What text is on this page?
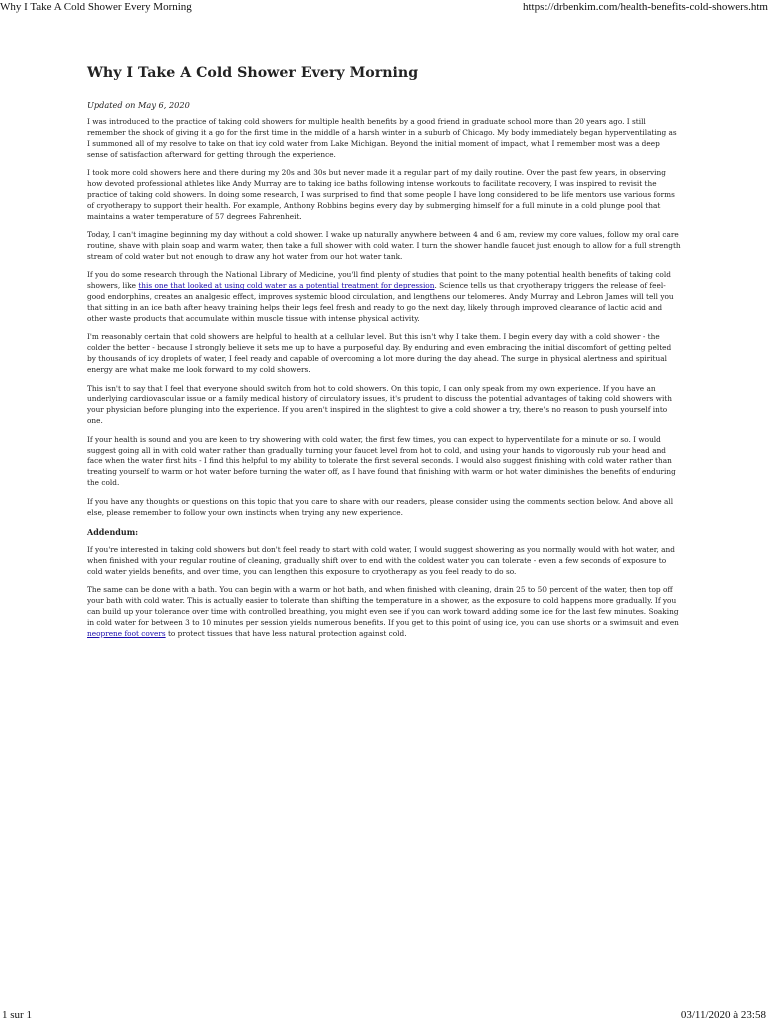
Why I Take A Cold Shower Every Morning	https://drbenkim.com/health-benefits-cold-showers.htm
Why I Take A Cold Shower Every Morning
Updated on May 6, 2020

I was introduced to the practice of taking cold showers for multiple health benefits by a good friend in graduate school more than 20 years ago. I still remember the shock of giving it a go for the first time in the middle of a harsh winter in a suburb of Chicago. My body immediately began hyperventilating as I summoned all of my resolve to take on that icy cold water from Lake Michigan. Beyond the initial moment of impact, what I remember most was a deep sense of satisfaction afterward for getting through the experience.

I took more cold showers here and there during my 20s and 30s but never made it a regular part of my daily routine. Over the past few years, in observing how devoted professional athletes like Andy Murray are to taking ice baths following intense workouts to facilitate recovery, I was inspired to revisit the practice of taking cold showers. In doing some research, I was surprised to find that some people I have long considered to be life mentors use various forms of cryotherapy to support their health. For example, Anthony Robbins begins every day by submerging himself for a full minute in a cold plunge pool that maintains a water temperature of 57 degrees Fahrenheit.

Today, I can't imagine beginning my day without a cold shower. I wake up naturally anywhere between 4 and 6 am, review my core values, follow my oral care routine, shave with plain soap and warm water, then take a full shower with cold water. I turn the shower handle faucet just enough to allow for a full strength stream of cold water but not enough to draw any hot water from our hot water tank.

If you do some research through the National Library of Medicine, you'll find plenty of studies that point to the many potential health benefits of taking cold showers, like this one that looked at using cold water as a potential treatment for depression. Science tells us that cryotherapy triggers the release of feel-good endorphins, creates an analgesic effect, improves systemic blood circulation, and lengthens our telomeres. Andy Murray and Lebron James will tell you that sitting in an ice bath after heavy training helps their legs feel fresh and ready to go the next day, likely through improved clearance of lactic acid and other waste products that accumulate within muscle tissue with intense physical activity.

I'm reasonably certain that cold showers are helpful to health at a cellular level. But this isn't why I take them. I begin every day with a cold shower - the colder the better - because I strongly believe it sets me up to have a purposeful day. By enduring and even embracing the initial discomfort of getting pelted by thousands of icy droplets of water, I feel ready and capable of overcoming a lot more during the day ahead. The surge in physical alertness and spiritual energy are what make me look forward to my cold showers.

This isn't to say that I feel that everyone should switch from hot to cold showers. On this topic, I can only speak from my own experience. If you have an underlying cardiovascular issue or a family medical history of circulatory issues, it's prudent to discuss the potential advantages of taking cold showers with your physician before plunging into the experience. If you aren't inspired in the slightest to give a cold shower a try, there's no reason to push yourself into one.

If your health is sound and you are keen to try showering with cold water, the first few times, you can expect to hyperventilate for a minute or so. I would suggest going all in with cold water rather than gradually turning your faucet level from hot to cold, and using your hands to vigorously rub your head and face when the water first hits - I find this helpful to my ability to tolerate the first several seconds. I would also suggest finishing with cold water rather than treating yourself to warm or hot water before turning the water off, as I have found that finishing with warm or hot water diminishes the benefits of enduring the cold.

If you have any thoughts or questions on this topic that you care to share with our readers, please consider using the comments section below. And above all else, please remember to follow your own instincts when trying any new experience.

Addendum:

If you're interested in taking cold showers but don't feel ready to start with cold water, I would suggest showering as you normally would with hot water, and when finished with your regular routine of cleaning, gradually shift over to end with the coldest water you can tolerate - even a few seconds of exposure to cold water yields benefits, and over time, you can lengthen this exposure to cryotherapy as you feel ready to do so.

The same can be done with a bath. You can begin with a warm or hot bath, and when finished with cleaning, drain 25 to 50 percent of the water, then top off your bath with cold water. This is actually easier to tolerate than shifting the temperature in a shower, as the exposure to cold happens more gradually. If you can build up your tolerance over time with controlled breathing, you might even see if you can work toward adding some ice for the last few minutes. Soaking in cold water for between 3 to 10 minutes per session yields numerous benefits. If you get to this point of using ice, you can use shorts or a swimsuit and even neoprene foot covers to protect tissues that have less natural protection against cold.

1 sur 1	03/11/2020 à 23:58
